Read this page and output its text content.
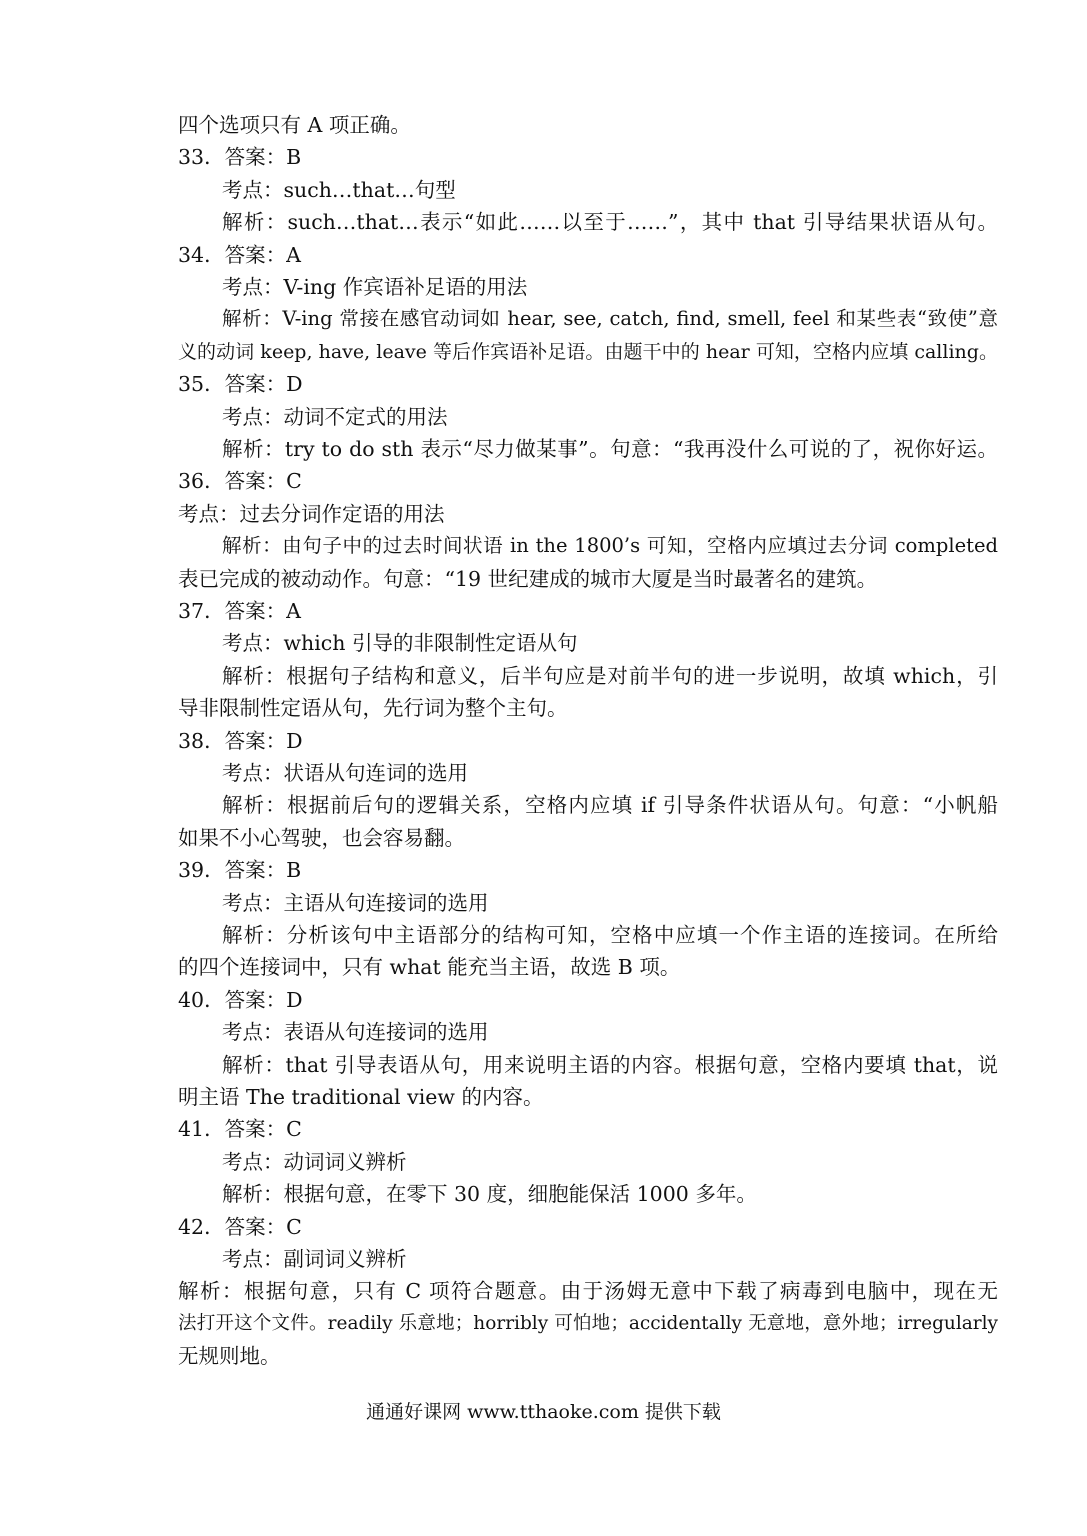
四个选项只有 A 项正确。
33．答案：B
考点：such…that…句型
解析：such…that…表示“如此……以至于……”，其中 that 引导结果状语从句。
34．答案：A
考点：V-ing 作宾语补足语的用法
解析：V-ing 常接在感官动词如 hear, see, catch, find, smell, feel 和某些表“致使”意
义的动词 keep, have, leave 等后作宾语补足语。由题干中的 hear 可知，空格内应填 calling。
35．答案：D
考点：动词不定式的用法
解析：try to do sth 表示“尽力做某事”。句意：“我再没什么可说的了，祝你好运。
36．答案：C
考点：过去分词作定语的用法
解析：由句子中的过去时间状语 in the 1800’s 可知，空格内应填过去分词 completed
表已完成的被动动作。句意：“19 世纪建成的城市大厦是当时最著名的建筑。
37．答案：A
考点：which 引导的非限制性定语从句
解析：根据句子结构和意义，后半句应是对前半句的进一步说明，故填 which，引
导非限制性定语从句，先行词为整个主句。
38．答案：D
考点：状语从句连词的选用
解析：根据前后句的逻辑关系，空格内应填 if 引导条件状语从句。句意：“小帆船
如果不小心驾驶，也会容易翻。
39．答案：B
考点：主语从句连接词的选用
解析：分析该句中主语部分的结构可知，空格中应填一个作主语的连接词。在所给
的四个连接词中，只有 what 能充当主语，故选 B 项。
40．答案：D
考点：表语从句连接词的选用
解析：that 引导表语从句，用来说明主语的内容。根据句意，空格内要填 that，说
明主语 The traditional view 的内容。
41．答案：C
考点：动词词义辨析
解析：根据句意，在零下 30 度，细胞能保活 1000 多年。
42．答案：C
考点：副词词义辨析
解析：根据句意，只有 C 项符合题意。由于汤姆无意中下载了病毒到电脑中，现在无
法打开这个文件。readily 乐意地；horribly 可怕地；accidentally 无意地，意外地；irregularly
无规则地。
通通好课网 www.tthaoke.com 提供下载
